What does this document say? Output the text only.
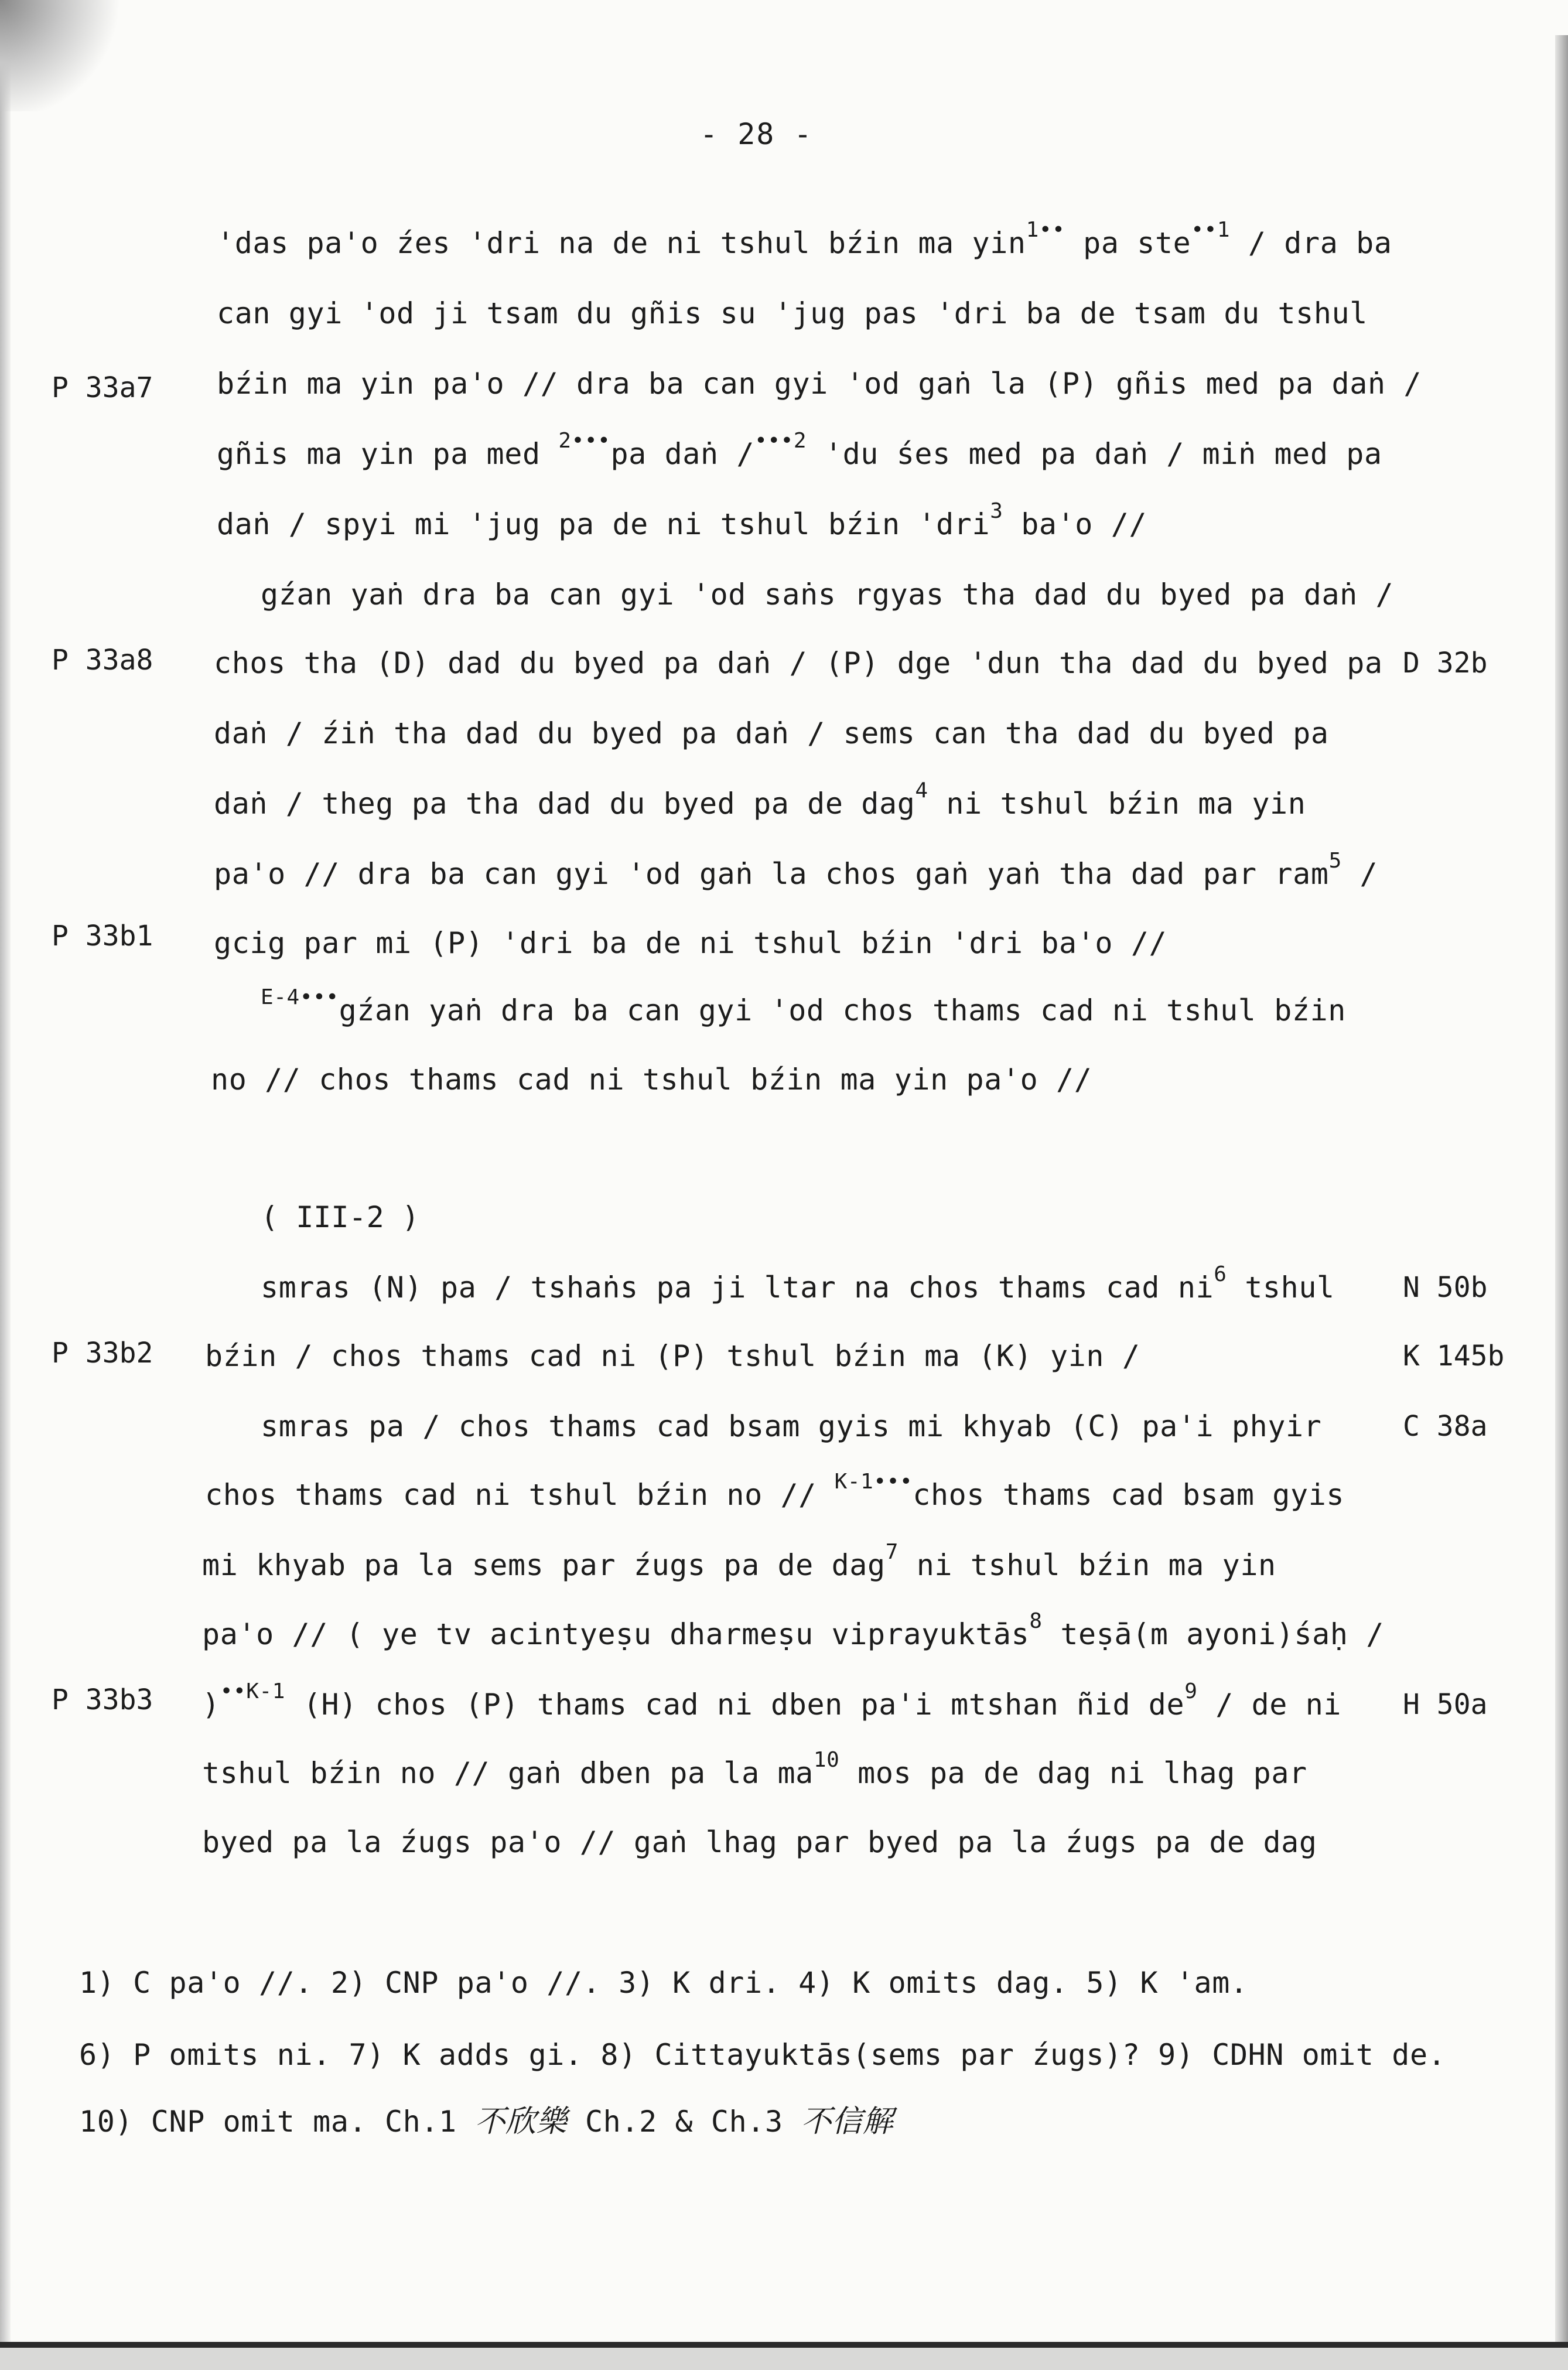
- 28 -
'das pa'o źes 'dri na de ni tshul bźin ma yin$^{1••}$ pa ste$^{••1}$ / dra ba
can gyi 'od ji tsam du gñis su 'jug pas 'dri ba de tsam du tshul
bźin ma yin pa'o // dra ba can gyi 'od gaṅ la (P) gñis med pa daṅ /
gñis ma yin pa med $^{2•••}$pa daṅ /$^{•••2}$ 'du śes med pa daṅ / miṅ med pa
daṅ / spyi mi 'jug pa de ni tshul bźin 'dri$^3$ ba'o //
gźan yaṅ dra ba can gyi 'od saṅs rgyas tha dad du byed pa daṅ /
chos tha (D) dad du byed pa daṅ / (P) dge 'dun tha dad du byed pa
daṅ / źiṅ tha dad du byed pa daṅ / sems can tha dad du byed pa
daṅ / theg pa tha dad du byed pa de dag$^4$ ni tshul bźin ma yin
pa'o // dra ba can gyi 'od gaṅ la chos gaṅ yaṅ tha dad par ram$^5$ /
gcig par mi (P) 'dri ba de ni tshul bźin 'dri ba'o //
$^{E-4•••}$gźan yaṅ dra ba can gyi 'od chos thams cad ni tshul bźin
no // chos thams cad ni tshul bźin ma yin pa'o //
( III-2 )
smras (N) pa / tshaṅs pa ji ltar na chos thams cad $ni^6$ tshul
bźin / chos thams cad ni (P) tshul bźin ma (K) yin /
smras pa / chos thams cad bsam gyis mi khyab (C) pa'i phyir
chos thams cad ni tshul bźin no // $^{K-1•••}$chos thams cad bsam gyis
mi khyab pa la sems par źugs pa de dag$^7$ ni tshul bźin ma yin
pa'o // ( ye tv acintyeṣu dharmeṣu viprayuktās$^8$ teṣā(m ayoni)śaḥ /
)$^{••K-1}$ (H) chos (P) thams cad ni dben pa'i mtshan ñid $de^9$ / de ni
tshul bźin no // gaṅ dben pa la $ma^{10}$ mos pa de dag ni lhag par
byed pa la źugs pa'o // gaṅ lhag par byed pa la źugs pa de dag
P 33a7
P 33a8
P 33b1
P 33b2
P 33b3
D 32b
N 50b
K 145b
C 38a
H 50a
1) C pa'o //. 2) CNP pa'o //. 3) K dri. 4) K omits dag. 5) K 'am.
6) P omits ni. 7) K adds gi. 8) Cittayuktās(sems par źugs)? 9) CDHN omit de.
10) CNP omit ma. Ch.1 不欣樂 Ch.2 & Ch.3 不信解
